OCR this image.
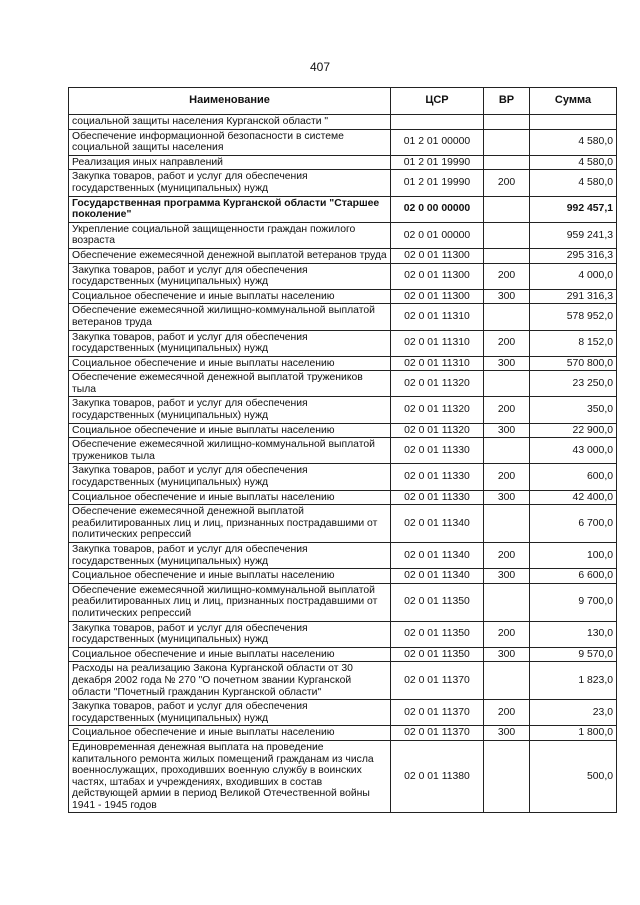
407
Наименование	ЦСР	ВР	Сумма
социальной защиты населения Курганской области "			
Обеспечение информационной безопасности в системе социальной защиты населения	01 2 01 00000		4 580,0
Реализация иных направлений	01 2 01 19990		4 580,0
Закупка товаров, работ и услуг для обеспечения государственных (муниципальных) нужд	01 2 01 19990	200	4 580,0
Государственная программа Курганской области "Старшее поколение"	02 0 00 00000		992 457,1
Укрепление социальной защищенности граждан пожилого возраста	02 0 01 00000		959 241,3
Обеспечение ежемесячной денежной выплатой ветеранов труда	02 0 01 11300		295 316,3
Закупка товаров, работ и услуг для обеспечения государственных (муниципальных) нужд	02 0 01 11300	200	4 000,0
Социальное обеспечение и иные выплаты населению	02 0 01 11300	300	291 316,3
Обеспечение ежемесячной жилищно-коммунальной выплатой ветеранов труда	02 0 01 11310		578 952,0
Закупка товаров, работ и услуг для обеспечения государственных (муниципальных) нужд	02 0 01 11310	200	8 152,0
Социальное обеспечение и иные выплаты населению	02 0 01 11310	300	570 800,0
Обеспечение ежемесячной денежной выплатой тружеников тыла	02 0 01 11320		23 250,0
Закупка товаров, работ и услуг для обеспечения государственных (муниципальных) нужд	02 0 01 11320	200	350,0
Социальное обеспечение и иные выплаты населению	02 0 01 11320	300	22 900,0
Обеспечение ежемесячной жилищно-коммунальной выплатой тружеников тыла	02 0 01 11330		43 000,0
Закупка товаров, работ и услуг для обеспечения государственных (муниципальных) нужд	02 0 01 11330	200	600,0
Социальное обеспечение и иные выплаты населению	02 0 01 11330	300	42 400,0
Обеспечение ежемесячной денежной выплатой реабилитированных лиц и лиц, признанных пострадавшими от политических репрессий	02 0 01 11340		6 700,0
Закупка товаров, работ и услуг для обеспечения государственных (муниципальных) нужд	02 0 01 11340	200	100,0
Социальное обеспечение и иные выплаты населению	02 0 01 11340	300	6 600,0
Обеспечение ежемесячной жилищно-коммунальной выплатой реабилитированных лиц и лиц, признанных пострадавшими от политических репрессий	02 0 01 11350		9 700,0
Закупка товаров, работ и услуг для обеспечения государственных (муниципальных) нужд	02 0 01 11350	200	130,0
Социальное обеспечение и иные выплаты населению	02 0 01 11350	300	9 570,0
Расходы на реализацию Закона Курганской области от 30 декабря 2002 года № 270 "О почетном звании Курганской области "Почетный гражданин Курганской области"	02 0 01 11370		1 823,0
Закупка товаров, работ и услуг для обеспечения государственных (муниципальных) нужд	02 0 01 11370	200	23,0
Социальное обеспечение и иные выплаты населению	02 0 01 11370	300	1 800,0
Единовременная денежная выплата на проведение капитального ремонта жилых помещений гражданам из числа военнослужащих, проходивших военную службу в воинских частях, штабах и учреждениях, входивших в состав действующей армии в период Великой Отечественной войны 1941 - 1945 годов	02 0 01 11380		500,0
